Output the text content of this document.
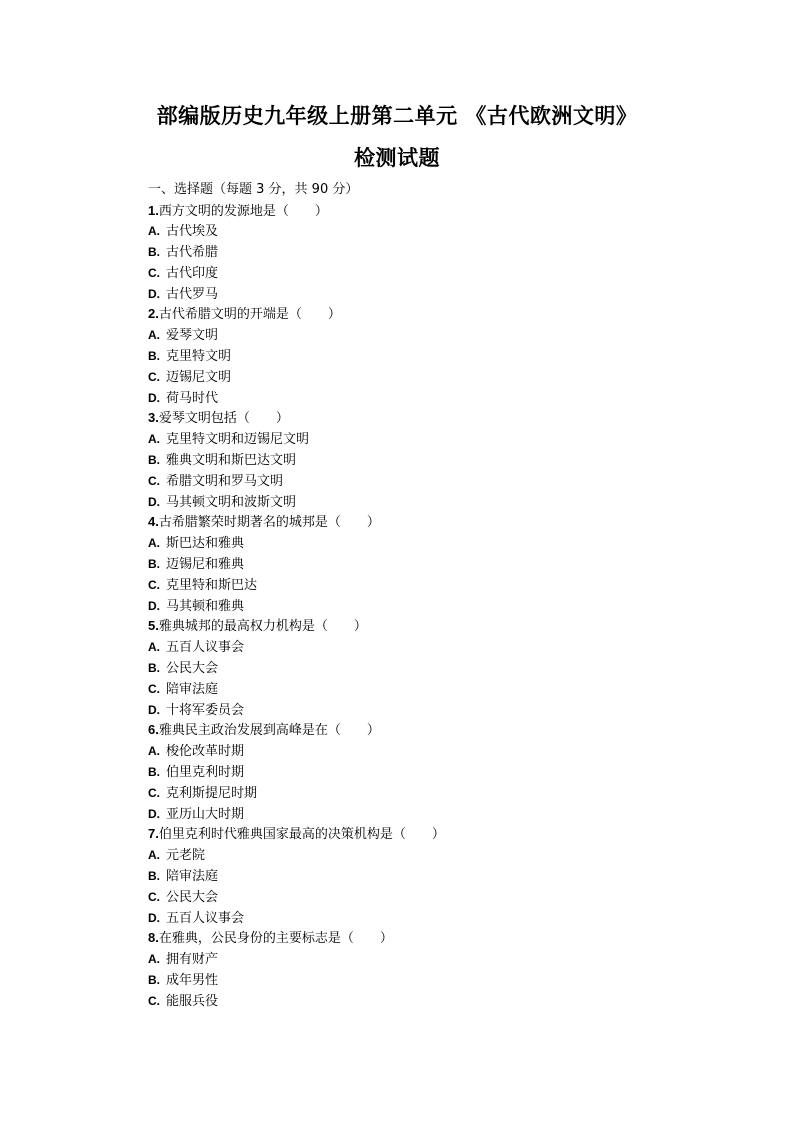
部编版历史九年级上册第二单元 《古代欧洲文明》
检测试题
一、选择题（每题 3 分，共 90 分）
1.西方文明的发源地是（　　）
A. 古代埃及
B. 古代希腊
C. 古代印度
D. 古代罗马
2.古代希腊文明的开端是（　　）
A. 爱琴文明
B. 克里特文明
C. 迈锡尼文明
D. 荷马时代
3.爱琴文明包括（　　）
A. 克里特文明和迈锡尼文明
B. 雅典文明和斯巴达文明
C. 希腊文明和罗马文明
D. 马其顿文明和波斯文明
4.古希腊繁荣时期著名的城邦是（　　）
A. 斯巴达和雅典
B. 迈锡尼和雅典
C. 克里特和斯巴达
D. 马其顿和雅典
5.雅典城邦的最高权力机构是（　　）
A. 五百人议事会
B. 公民大会
C. 陪审法庭
D. 十将军委员会
6.雅典民主政治发展到高峰是在（　　）
A. 梭伦改革时期
B. 伯里克利时期
C. 克利斯提尼时期
D. 亚历山大时期
7.伯里克利时代雅典国家最高的决策机构是（　　）
A. 元老院
B. 陪审法庭
C. 公民大会
D. 五百人议事会
8.在雅典，公民身份的主要标志是（　　）
A. 拥有财产
B. 成年男性
C. 能服兵役
